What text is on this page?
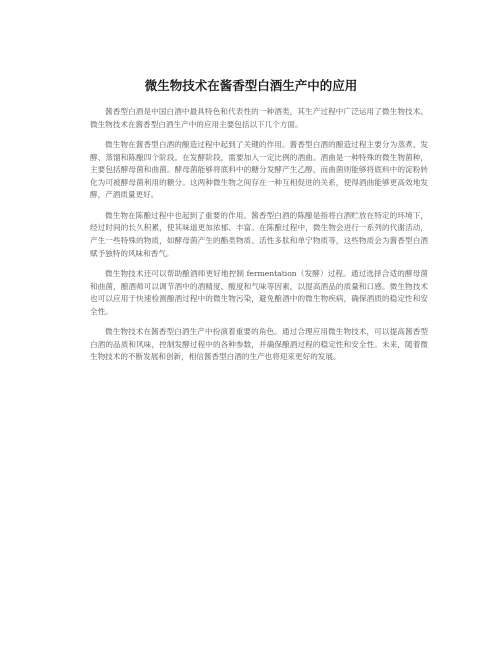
微生物技术在酱香型白酒生产中的应用

酱香型白酒是中国白酒中最具特色和代表性的一种酒类，其生产过程中广泛运用了微生物技术。微生物技术在酱香型白酒生产中的应用主要包括以下几个方面。

微生物在酱香型白酒的酿造过程中起到了关键的作用。酱香型白酒的酿造过程主要分为蒸煮、发酵、蒸馏和陈酿四个阶段。在发酵阶段，需要加入一定比例的酒曲。酒曲是一种特殊的微生物菌种，主要包括酵母菌和曲菌。酵母菌能够将底料中的糖分发酵产生乙醇，而曲菌则能够将底料中的淀粉转化为可被酵母菌利用的糖分。这两种微生物之间存在一种互相促进的关系，使得酒曲能够更高效地发酵，产酒质量更好。

微生物在陈酿过程中也起到了重要的作用。酱香型白酒的陈酿是指将白酒贮放在特定的环境下，经过时间的长久积累，使其味道更加浓郁、丰富。在陈酿过程中，微生物会进行一系列的代谢活动，产生一些特殊的物质，如酵母菌产生的酯类物质、活性多肽和单宁物质等，这些物质会为酱香型白酒赋予独特的风味和香气。

微生物技术还可以帮助酿酒师更好地控制 fermentation（发酵）过程。通过选择合适的酵母菌和曲菌，酿酒师可以调节酒中的酒精度、酸度和气味等因素，以提高酒品的质量和口感。微生物技术也可以应用于快速检测酿酒过程中的微生物污染，避免酿酒中的微生物疾病，确保酒质的稳定性和安全性。

微生物技术在酱香型白酒生产中扮演着重要的角色。通过合理应用微生物技术，可以提高酱香型白酒的品质和风味，控制发酵过程中的各种参数，并确保酿酒过程的稳定性和安全性。未来，随着微生物技术的不断发展和创新，相信酱香型白酒的生产也将迎来更好的发展。
